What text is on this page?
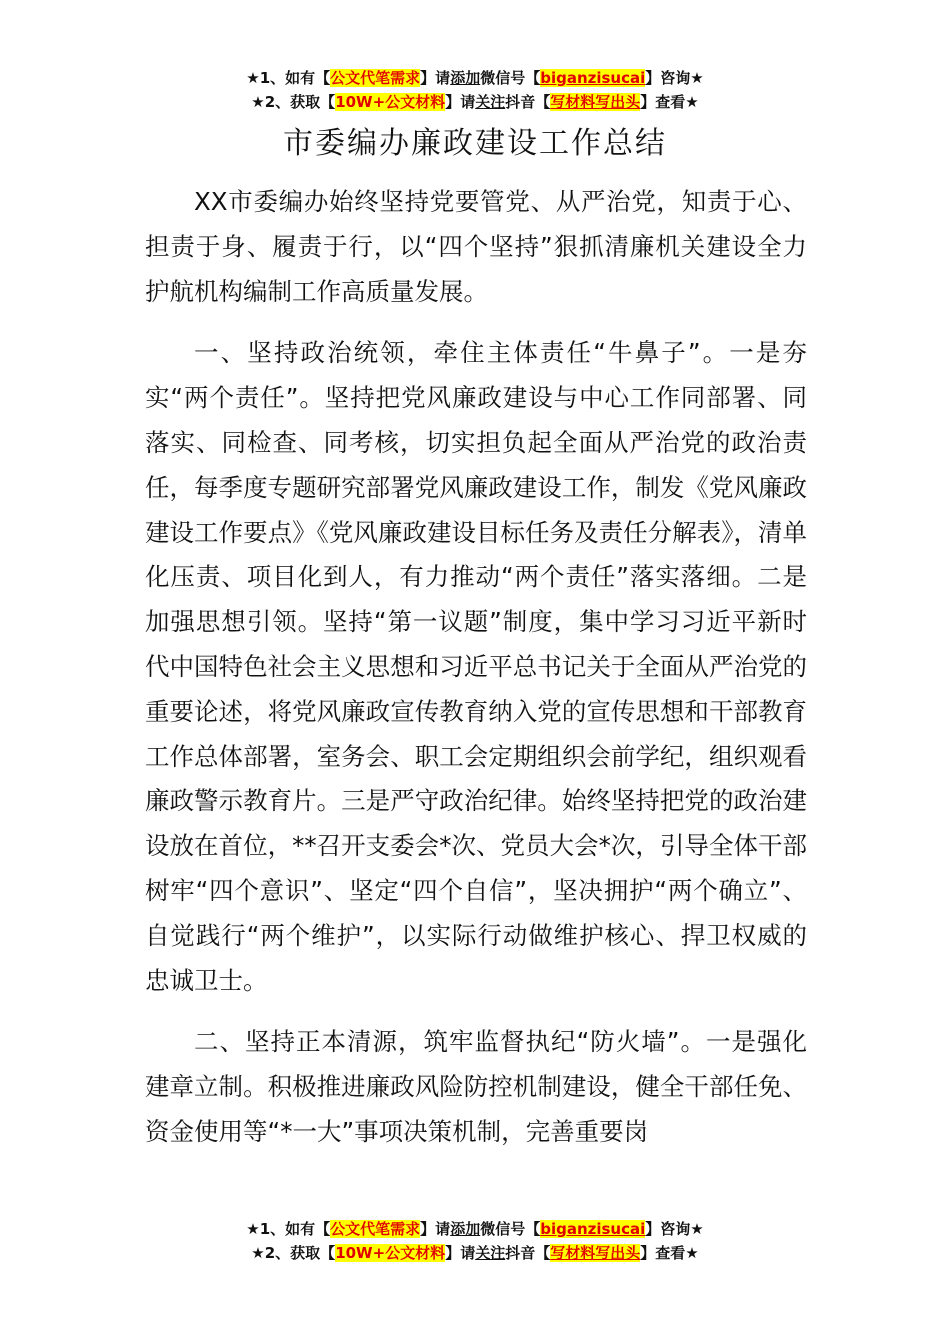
★1、如有【公文代笔需求】请添加微信号【biganzisucai】咨询★
★2、获取【10W+公文材料】请关注抖音【写材料写出头】查看★
市委编办廉政建设工作总结

XX市委编办始终坚持党要管党、从严治党，知责于心、担责于身、履责于行，以“四个坚持”狠抓清廉机关建设全力护航机构编制工作高质量发展。

一、坚持政治统领，牵住主体责任“牛鼻子”。一是夯实“两个责任”。坚持把党风廉政建设与中心工作同部署、同落实、同检查、同考核，切实担负起全面从严治党的政治责任，每季度专题研究部署党风廉政建设工作，制发《党风廉政建设工作要点》《党风廉政建设目标任务及责任分解表》，清单化压责、项目化到人，有力推动“两个责任”落实落细。二是加强思想引领。坚持“第一议题”制度，集中学习习近平新时代中国特色社会主义思想和习近平总书记关于全面从严治党的重要论述，将党风廉政宣传教育纳入党的宣传思想和干部教育工作总体部署，室务会、职工会定期组织会前学纪，组织观看廉政警示教育片。三是严守政治纪律。始终坚持把党的政治建设放在首位，**召开支委会*次、党员大会*次，引导全体干部树牢“四个意识”、坚定“四个自信”，坚决拥护“两个确立”、自觉践行“两个维护”，以实际行动做维护核心、捍卫权威的忠诚卫士。

二、坚持正本清源，筑牢监督执纪“防火墙”。一是强化建章立制。积极推进廉政风险防控机制建设，健全干部任免、资金使用等“*一大”事项决策机制，完善重要岗

★1、如有【公文代笔需求】请添加微信号【biganzisucai】咨询★
★2、获取【10W+公文材料】请关注抖音【写材料写出头】查看★
